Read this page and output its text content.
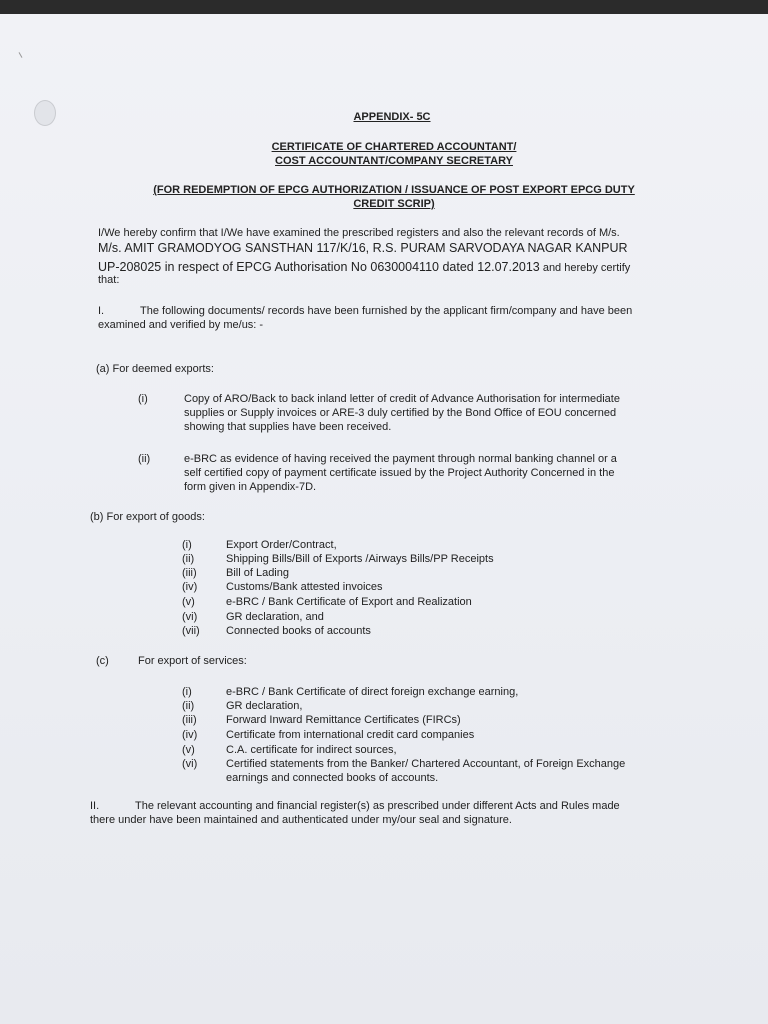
APPENDIX- 5C
CERTIFICATE OF CHARTERED ACCOUNTANT/
COST ACCOUNTANT/COMPANY SECRETARY
(FOR REDEMPTION OF EPCG AUTHORIZATION / ISSUANCE OF POST EXPORT EPCG DUTY
CREDIT SCRIP)
I/We hereby confirm that I/We have examined the prescribed registers and also the relevant records of M/s.
M/s. AMIT GRAMODYOG SANSTHAN 117/K/16, R.S. PURAM SARVODAYA NAGAR KANPUR
UP-208025 in respect of EPCG Authorisation No 0630004110 dated 12.07.2013 and hereby certify
that:
I.	The following documents/ records have been furnished by the applicant firm/company and have been
examined and verified by me/us: -
(a) For deemed exports:
(i)	Copy of ARO/Back to back inland letter of credit of Advance Authorisation for intermediate
supplies or Supply invoices or ARE-3 duly certified by the Bond Office of EOU concerned
showing that supplies have been received.
(ii)	e-BRC as evidence of having received the payment through normal banking channel or a
self certified copy of payment certificate issued by the Project Authority Concerned in the
form given in Appendix-7D.
(b) For export of goods:
(i)	Export Order/Contract,
(ii)	Shipping Bills/Bill of Exports /Airways Bills/PP Receipts
(iii)	Bill of Lading
(iv)	Customs/Bank attested invoices
(v)	e-BRC / Bank Certificate of Export and Realization
(vi)	GR declaration, and
(vii) Connected books of accounts
(c)	For export of services:
(i)	e-BRC / Bank Certificate of direct foreign exchange earning,
(ii)	GR declaration,
(iii)	Forward Inward Remittance Certificates (FIRCs)
(iv)	Certificate from international credit card companies
(v)	C.A. certificate for indirect sources,
(vi)	Certified statements from the Banker/ Chartered Accountant, of Foreign Exchange
earnings and connected books of accounts.
II.	The relevant accounting and financial register(s) as prescribed under different Acts and Rules made
there under have been maintained and authenticated under my/our seal and signature.
